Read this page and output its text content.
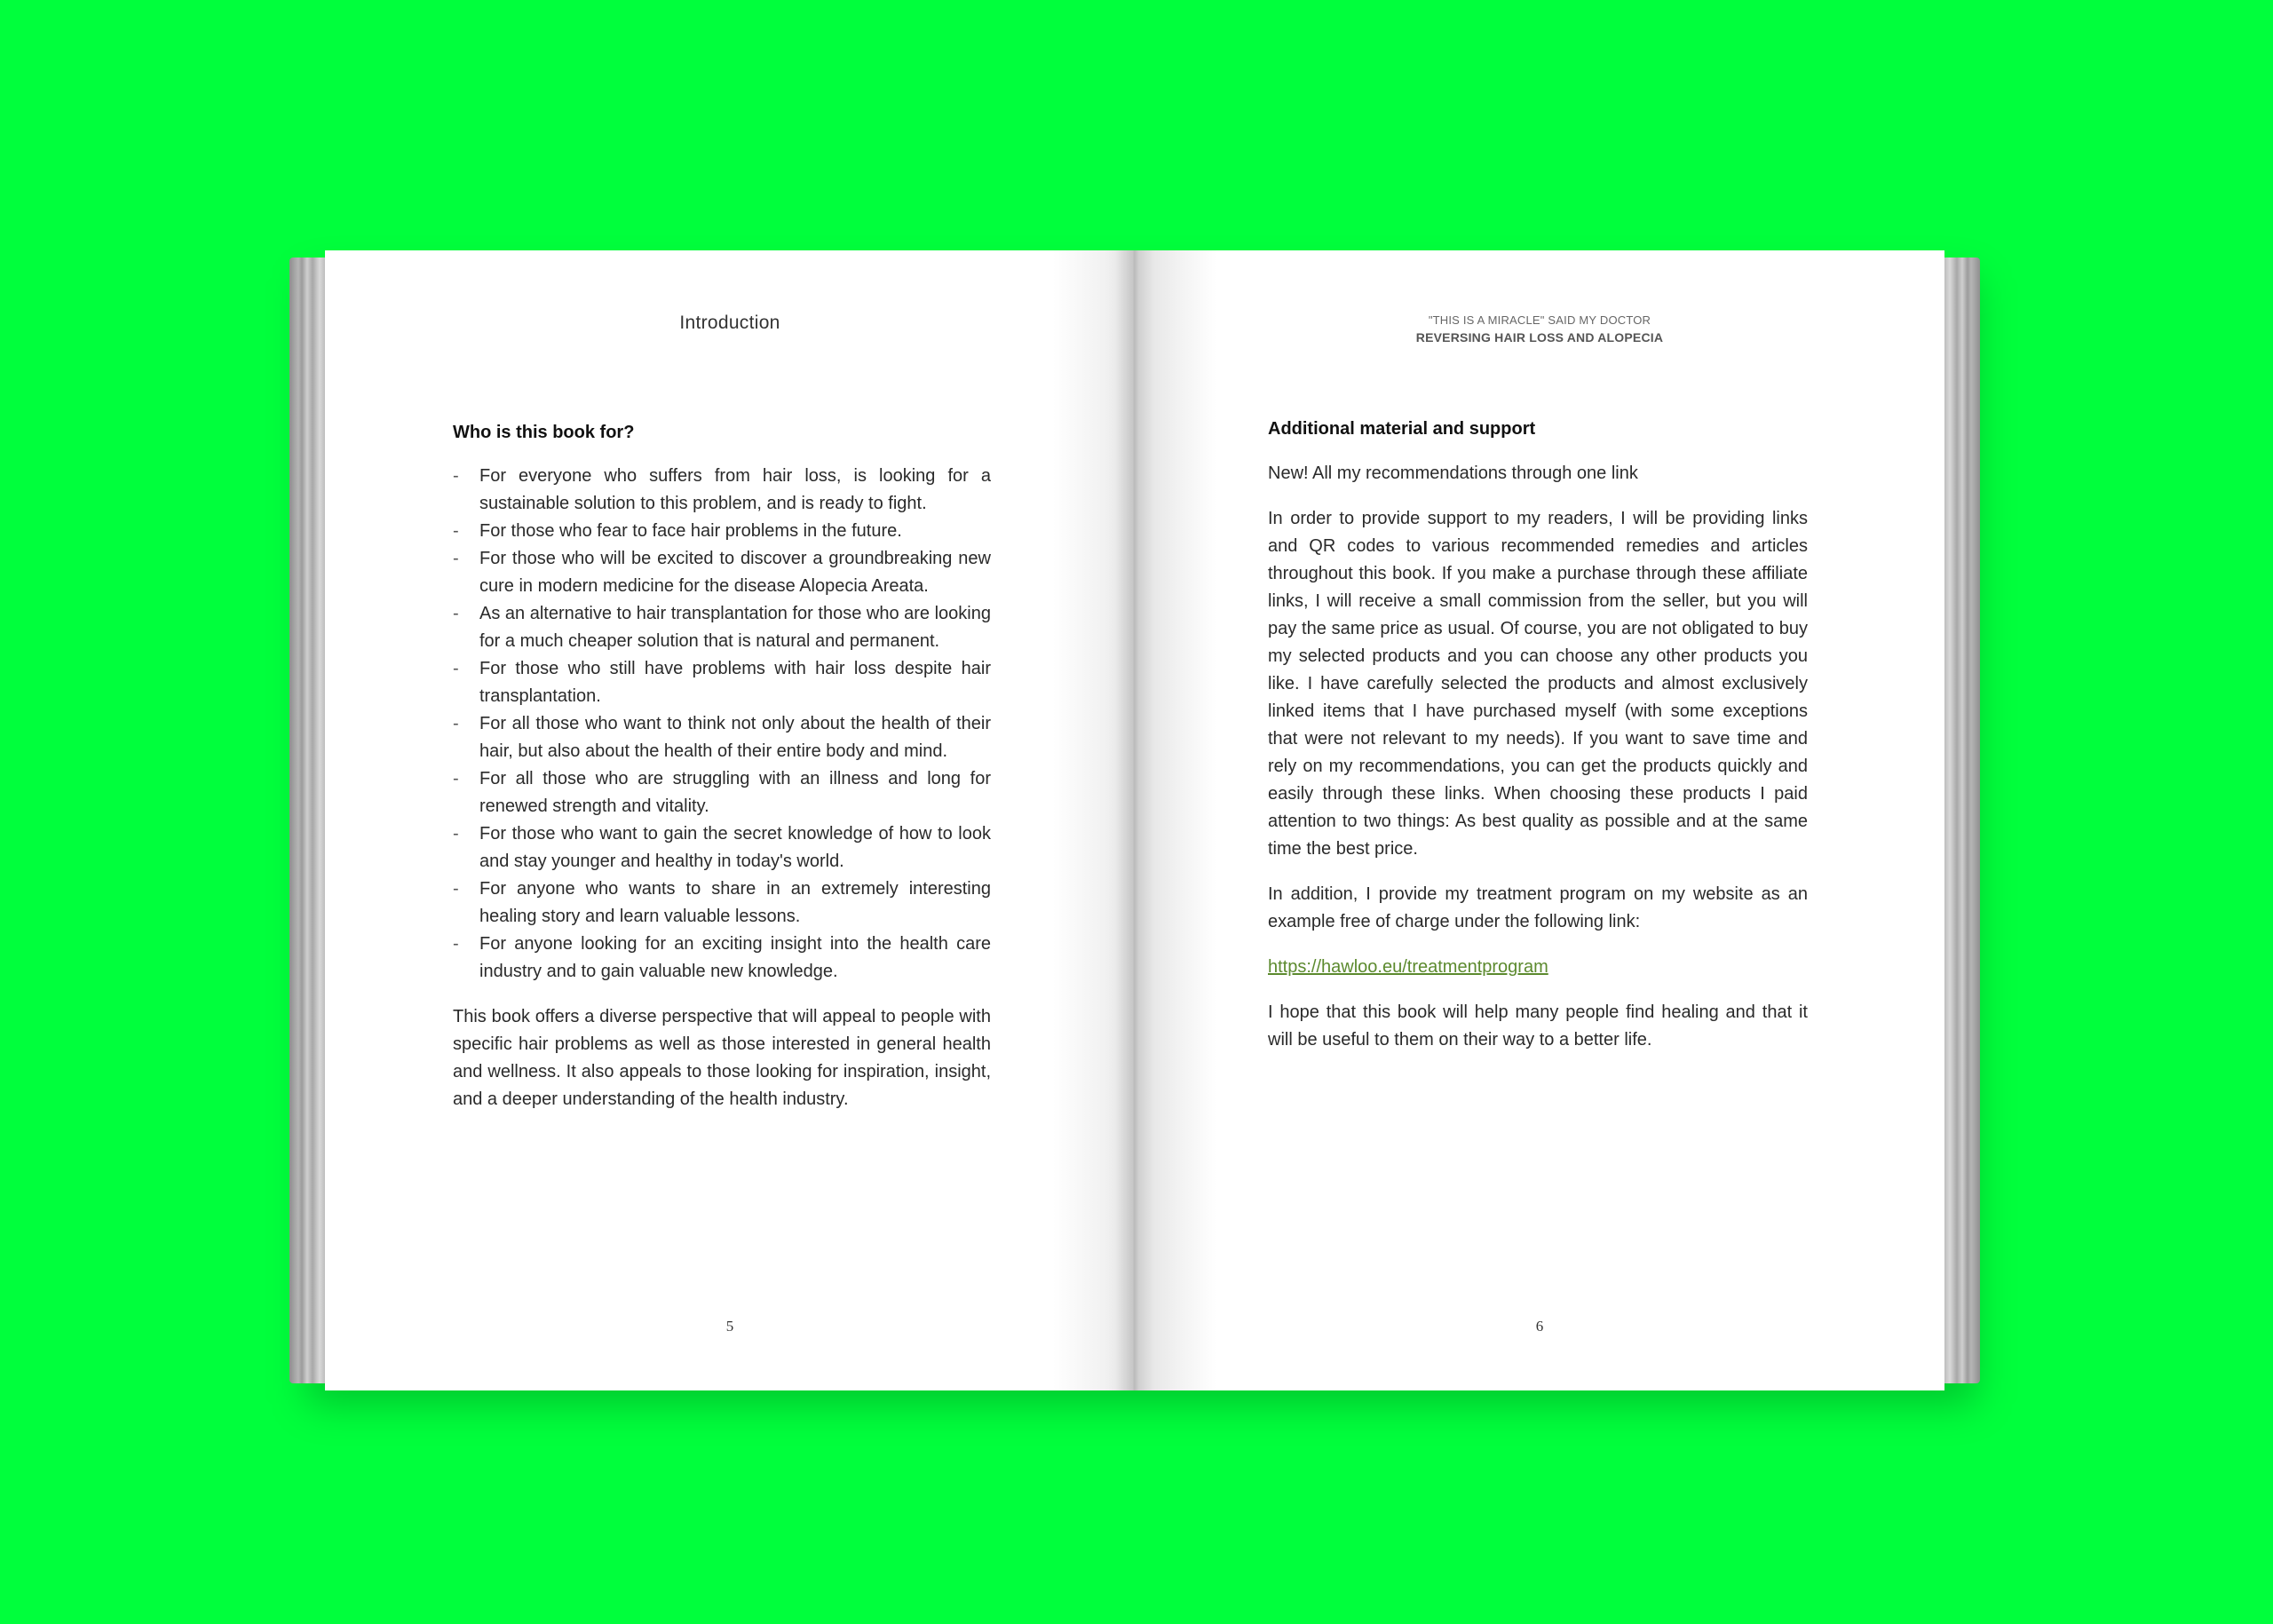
Introduction
Who is this book for?
- For everyone who suffers from hair loss, is looking for a sustainable solution to this problem, and is ready to fight.
- For those who fear to face hair problems in the future.
- For those who will be excited to discover a groundbreaking new cure in modern medicine for the disease Alopecia Areata.
- As an alternative to hair transplantation for those who are looking for a much cheaper solution that is natural and permanent.
- For those who still have problems with hair loss despite hair transplantation.
- For all those who want to think not only about the health of their hair, but also about the health of their entire body and mind.
- For all those who are struggling with an illness and long for renewed strength and vitality.
- For those who want to gain the secret knowledge of how to look and stay younger and healthy in today's world.
- For anyone who wants to share in an extremely interesting healing story and learn valuable lessons.
- For anyone looking for an exciting insight into the health care industry and to gain valuable new knowledge.
This book offers a diverse perspective that will appeal to people with specific hair problems as well as those interested in general health and wellness. It also appeals to those looking for inspiration, insight, and a deeper understanding of the health industry.
5
"THIS IS A MIRACLE" SAID MY DOCTOR
REVERSING HAIR LOSS AND ALOPECIA
Additional material and support

New! All my recommendations through one link

In order to provide support to my readers, I will be providing links and QR codes to various recommended remedies and articles throughout this book. If you make a purchase through these affiliate links, I will receive a small commission from the seller, but you will pay the same price as usual. Of course, you are not obligated to buy my selected products and you can choose any other products you like. I have carefully selected the products and almost exclusively linked items that I have purchased myself (with some exceptions that were not relevant to my needs). If you want to save time and rely on my recommendations, you can get the products quickly and easily through these links. When choosing these products I paid attention to two things: As best quality as possible and at the same time the best price.

In addition, I provide my treatment program on my website as an example free of charge under the following link:

https://hawloo.eu/treatmentprogram

I hope that this book will help many people find healing and that it will be useful to them on their way to a better life.

6
